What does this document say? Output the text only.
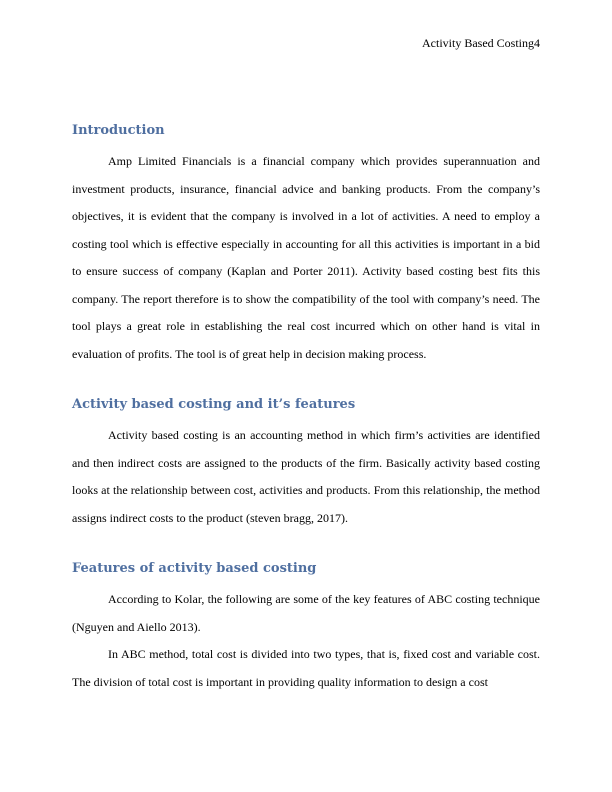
Activity Based Costing4
Introduction

Amp Limited Financials is a financial company which provides superannuation and investment products, insurance, financial advice and banking products. From the company’s objectives, it is evident that the company is involved in a lot of activities. A need to employ a costing tool which is effective especially in accounting for all this activities is important in a bid to ensure success of company (Kaplan and Porter 2011). Activity based costing best fits this company. The report therefore is to show the compatibility of the tool with company’s need. The tool plays a great role in establishing the real cost incurred which on other hand is vital in evaluation of profits. The tool is of great help in decision making process.

Activity based costing and it’s features

Activity based costing is an accounting method in which firm’s activities are identified and then indirect costs are assigned to the products of the firm. Basically activity based costing looks at the relationship between cost, activities and products. From this relationship, the method assigns indirect costs to the product (steven bragg, 2017).

Features of activity based costing

According to Kolar, the following are some of the key features of ABC costing technique (Nguyen and Aiello 2013).

In ABC method, total cost is divided into two types, that is, fixed cost and variable cost. The division of total cost is important in providing quality information to design a cost
